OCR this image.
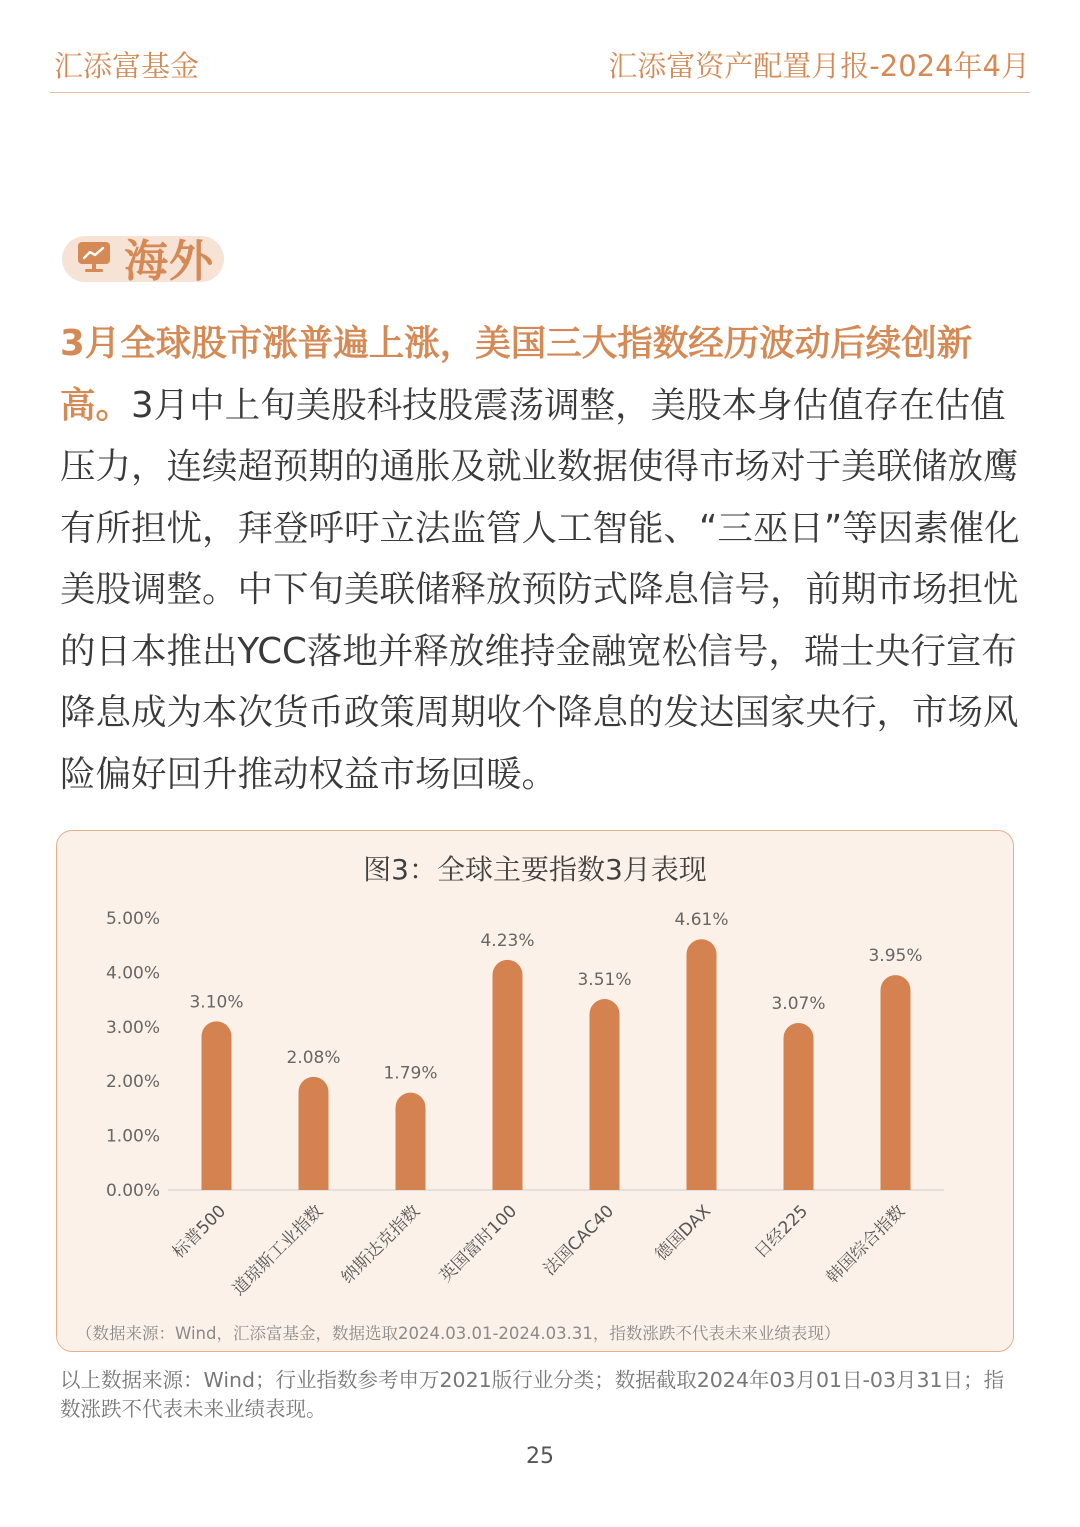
汇添富基金	汇添富资产配置月报-2024年4月
海外
3月全球股市涨普遍上涨，美国三大指数经历波动后续创新高。3月中上旬美股科技股震荡调整，美股本身估值存在估值压力，连续超预期的通胀及就业数据使得市场对于美联储放鹰有所担忧，拜登呼吁立法监管人工智能、“三巫日”等因素催化美股调整。中下旬美联储释放预防式降息信号，前期市场担忧的日本推出YCC落地并释放维持金融宽松信号，瑞士央行宣布降息成为本次货币政策周期收个降息的发达国家央行，市场风险偏好回升推动权益市场回暖。
图3：全球主要指数3月表现
0.00%
1.00%
2.00%
3.00%
4.00%
5.00%
3.10%
标普500
2.08%
道琼斯工业指数
1.79%
纳斯达克指数
4.23%
英国富时100
3.51%
法国CAC40
4.61%
德国DAX
3.07%
日经225
3.95%
韩国综合指数
（数据来源：Wind，汇添富基金，数据选取2024.03.01-2024.03.31，指数涨跌不代表未来业绩表现）
以上数据来源：Wind；行业指数参考申万2021版行业分类；数据截取2024年03月01日-03月31日；指数涨跌不代表未来业绩表现。
25
